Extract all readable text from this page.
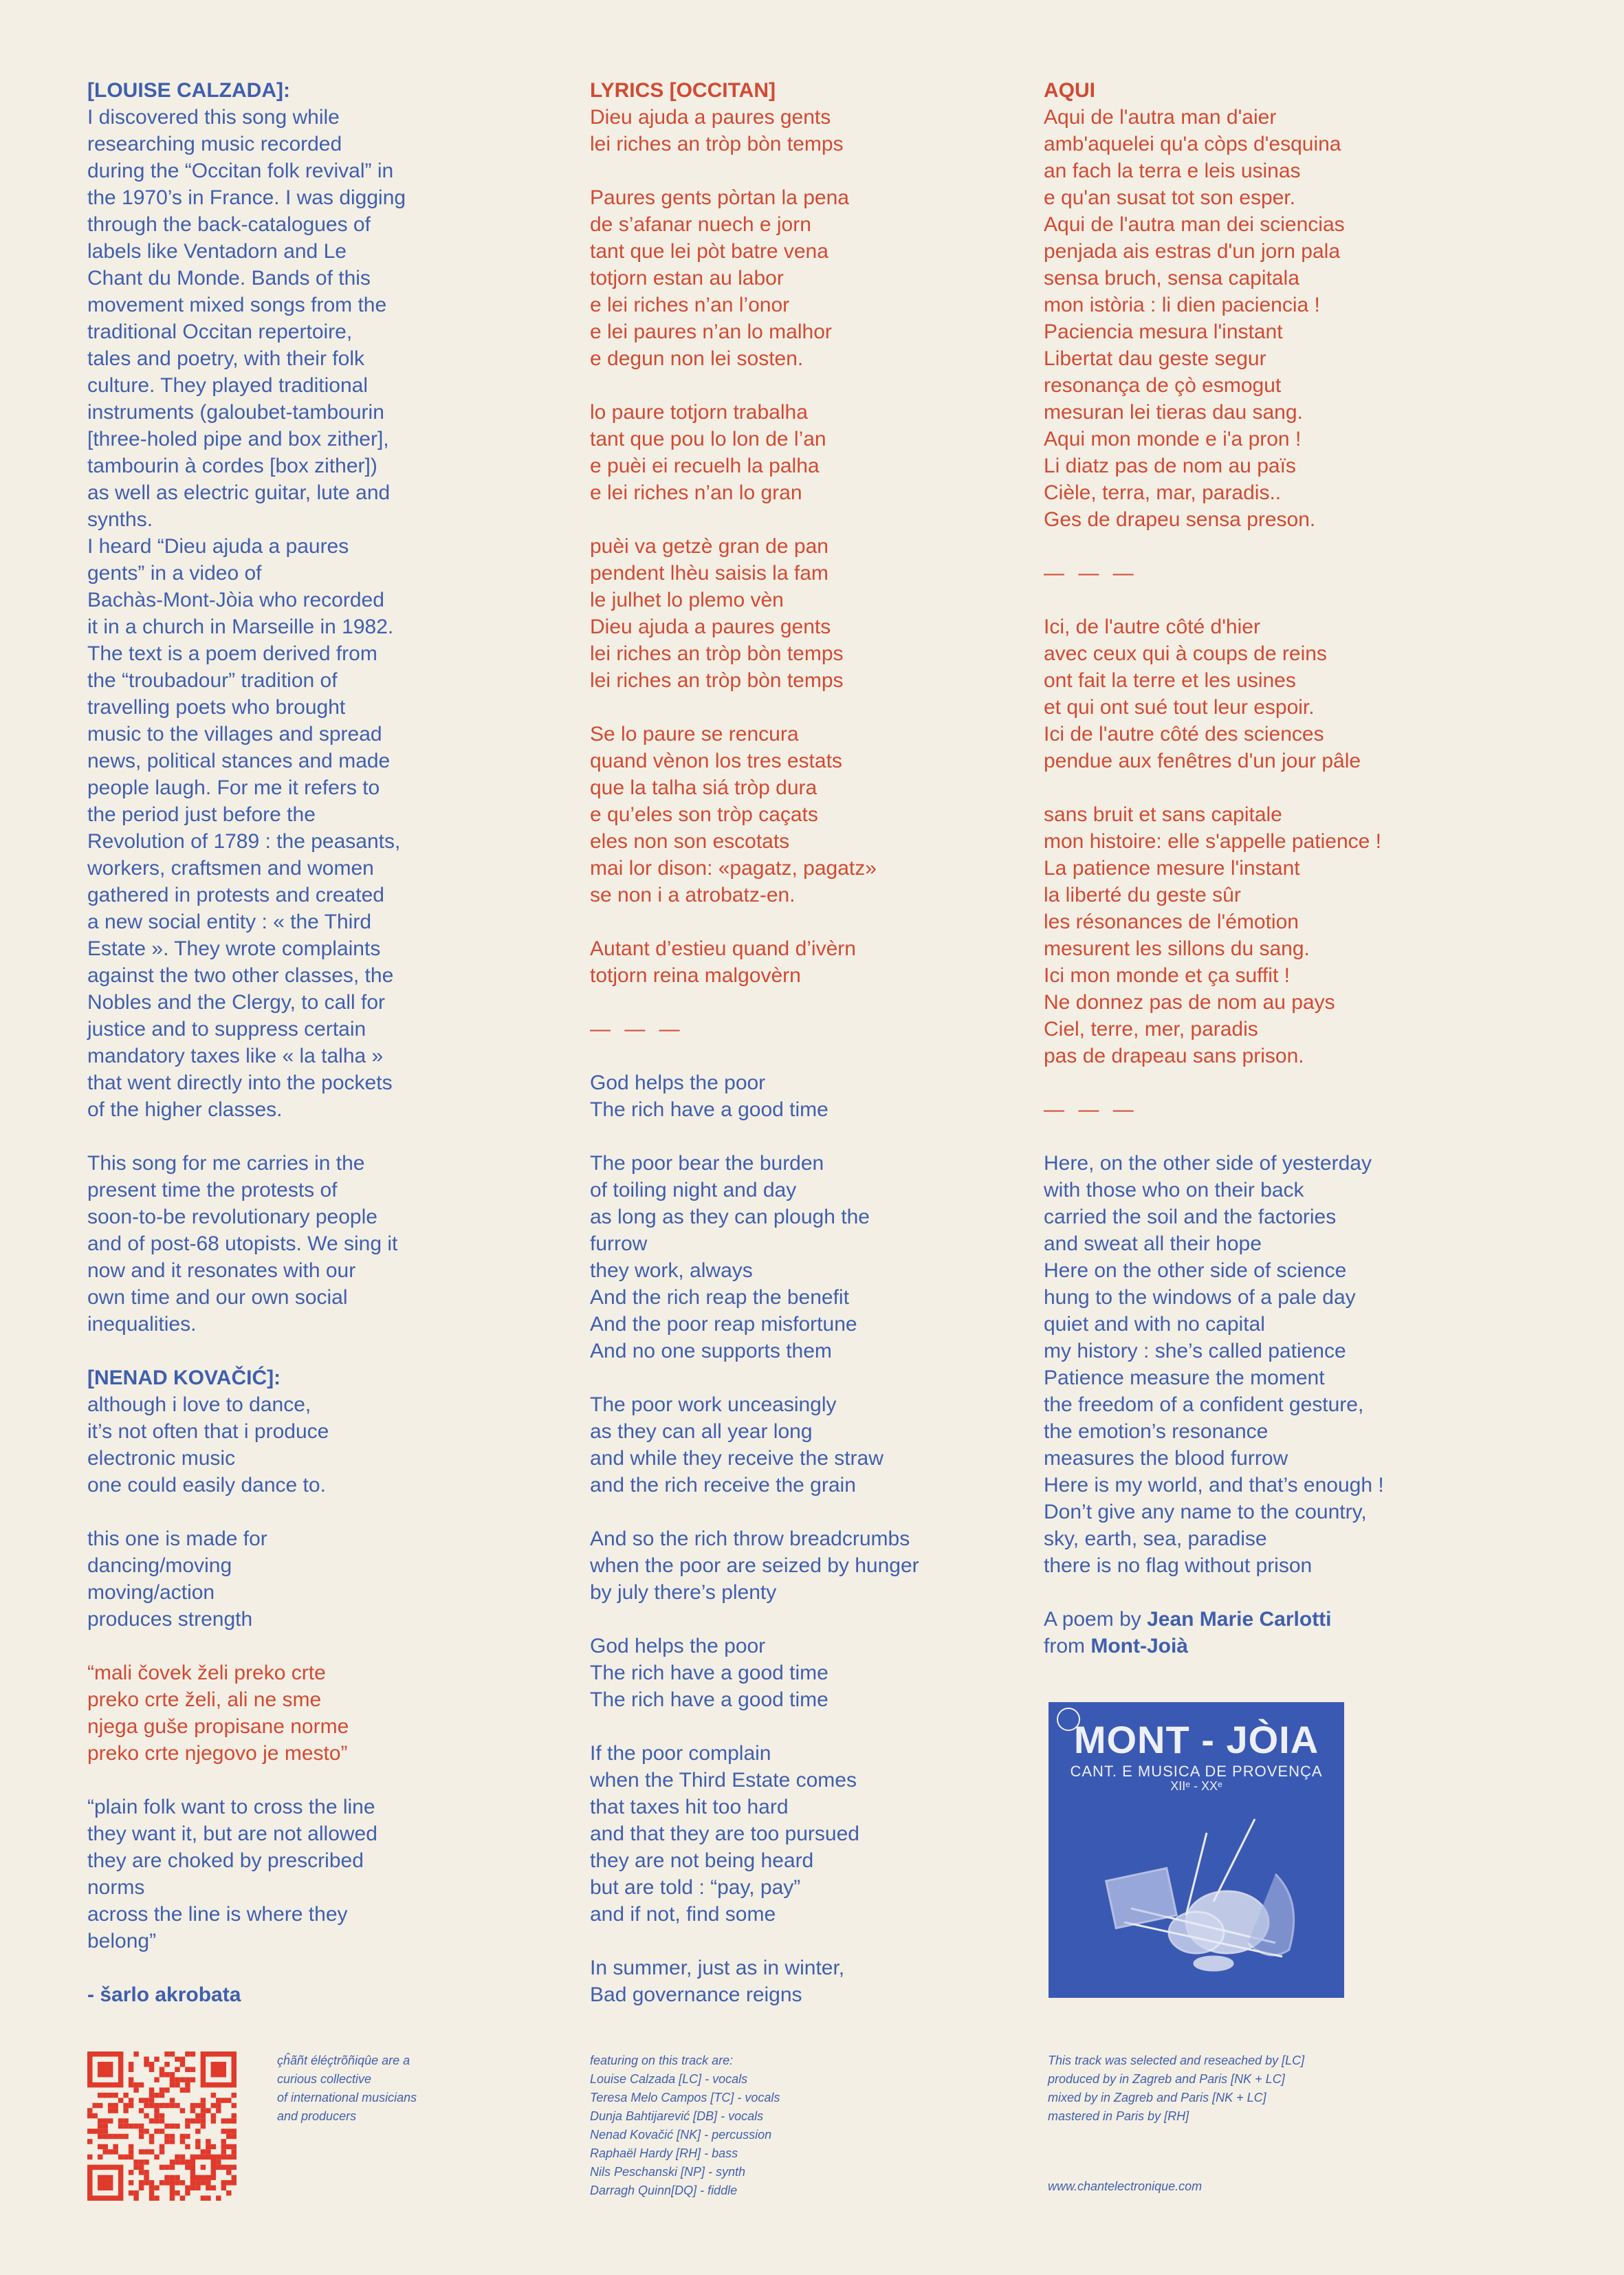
[LOUISE CALZADA]:
I discovered this song while
researching music recorded
during the “Occitan folk revival” in
the 1970’s in France. I was digging
through the back-catalogues of
labels like Ventadorn and Le
Chant du Monde. Bands of this
movement mixed songs from the
traditional Occitan repertoire,
tales and poetry, with their folk
culture. They played traditional
instruments (galoubet-tambourin
[three-holed pipe and box zither],
tambourin à cordes [box zither])
as well as electric guitar, lute and
synths.
I heard “Dieu ajuda a paures
gents” in a video of
Bachàs-Mont-Jòia who recorded
it in a church in Marseille in 1982.
The text is a poem derived from
the “troubadour” tradition of
travelling poets who brought
music to the villages and spread
news, political stances and made
people laugh. For me it refers to
the period just before the
Revolution of 1789 : the peasants,
workers, craftsmen and women
gathered in protests and created
a new social entity : « the Third
Estate ». They wrote complaints
against the two other classes, the
Nobles and the Clergy, to call for
justice and to suppress certain
mandatory taxes like « la talha »
that went directly into the pockets
of the higher classes.
This song for me carries in the
present time the protests of
soon-to-be revolutionary people
and of post-68 utopists. We sing it
now and it resonates with our
own time and our own social
inequalities.
[NENAD KOVAČIĆ]:
although i love to dance,
it’s not often that i produce
electronic music
one could easily dance to.
this one is made for
dancing/moving
moving/action
produces strength
“mali čovek želi preko crte
preko crte želi, ali ne sme
njega guše propisane norme
preko crte njegovo je mesto”
“plain folk want to cross the line
they want it, but are not allowed
they are choked by prescribed
norms
across the line is where they
belong”
- šarlo akrobata
LYRICS [OCCITAN]
Dieu ajuda a paures gents
lei riches an tròp bòn temps
Paures gents pòrtan la pena
de s’afanar nuech e jorn
tant que lei pòt batre vena
totjorn estan au labor
e lei riches n’an l’onor
e lei paures n’an lo malhor
e degun non lei sosten.
lo paure totjorn trabalha
tant que pou lo lon de l’an
e puèi ei recuelh la palha
e lei riches n’an lo gran
puèi va getzè gran de pan
pendent lhèu saisis la fam
le julhet lo plemo vèn
Dieu ajuda a paures gents
lei riches an tròp bòn temps
lei riches an tròp bòn temps
Se lo paure se rencura
quand vènon los tres estats
que la talha siá tròp dura
e qu’eles son tròp caçats
eles non son escotats
mai lor dison: «pagatz, pagatz»
se non i a atrobatz-en.
Autant d’estieu quand d’ivèrn
totjorn reina malgovèrn
— — —
God helps the poor
The rich have a good time
The poor bear the burden
of toiling night and day
as long as they can plough the
furrow
they work, always
And the rich reap the benefit
And the poor reap misfortune
And no one supports them
The poor work unceasingly
as they can all year long
and while they receive the straw
and the rich receive the grain
And so the rich throw breadcrumbs
when the poor are seized by hunger
by july there’s plenty
God helps the poor
The rich have a good time
The rich have a good time
If the poor complain
when the Third Estate comes
that taxes hit too hard
and that they are too pursued
they are not being heard
but are told : “pay, pay”
and if not, find some
In summer, just as in winter,
Bad governance reigns
AQUI
Aqui de l'autra man d'aier
amb'aquelei qu'a còps d'esquina
an fach la terra e leis usinas
e qu'an susat tot son esper.
Aqui de l'autra man dei sciencias
penjada ais estras d'un jorn pala
sensa bruch, sensa capitala
mon istòria : li dien paciencia !
Paciencia mesura l'instant
Libertat dau geste segur
resonança de çò esmogut
mesuran lei tieras dau sang.
Aqui mon monde e i'a pron !
Li diatz pas de nom au païs
Cièle, terra, mar, paradis..
Ges de drapeu sensa preson.
— — —
Ici, de l'autre côté d'hier
avec ceux qui à coups de reins
ont fait la terre et les usines
et qui ont sué tout leur espoir.
Ici de l'autre côté des sciences
pendue aux fenêtres d'un jour pâle
sans bruit et sans capitale
mon histoire: elle s'appelle patience !
La patience mesure l'instant
la liberté du geste sûr
les résonances de l'émotion
mesurent les sillons du sang.
Ici mon monde et ça suffit !
Ne donnez pas de nom au pays
Ciel, terre, mer, paradis
pas de drapeau sans prison.
— — —
Here, on the other side of yesterday
with those who on their back
carried the soil and the factories
and sweat all their hope
Here on the other side of science
hung to the windows of a pale day
quiet and with no capital
my history : she’s called patience
Patience measure the moment
the freedom of a confident gesture,
the emotion’s resonance
measures the blood furrow
Here is my world, and that’s enough !
Don’t give any name to the country,
sky, earth, sea, paradise
there is no flag without prison
A poem by Jean Marie Carlotti
from Mont-Joià
MONT - JÒIA
CANT. E MUSICA DE PROVENÇA
XIIᵉ - XXᵉ
çĥãñt éléçtrõñiqûe are a
curious collective
of international musicians
and producers
featuring on this track are:
Louise Calzada [LC] - vocals
Teresa Melo Campos [TC] - vocals
Dunja Bahtijarević [DB] - vocals
Nenad Kovačić [NK] - percussion
Raphaël Hardy [RH] - bass
Nils Peschanski [NP] - synth
Darragh Quinn[DQ] - fiddle
This track was selected and reseached by [LC]
produced by in Zagreb and Paris [NK + LC]
mixed by in Zagreb and Paris [NK + LC]
mastered in Paris by [RH]
www.chantelectronique.com
